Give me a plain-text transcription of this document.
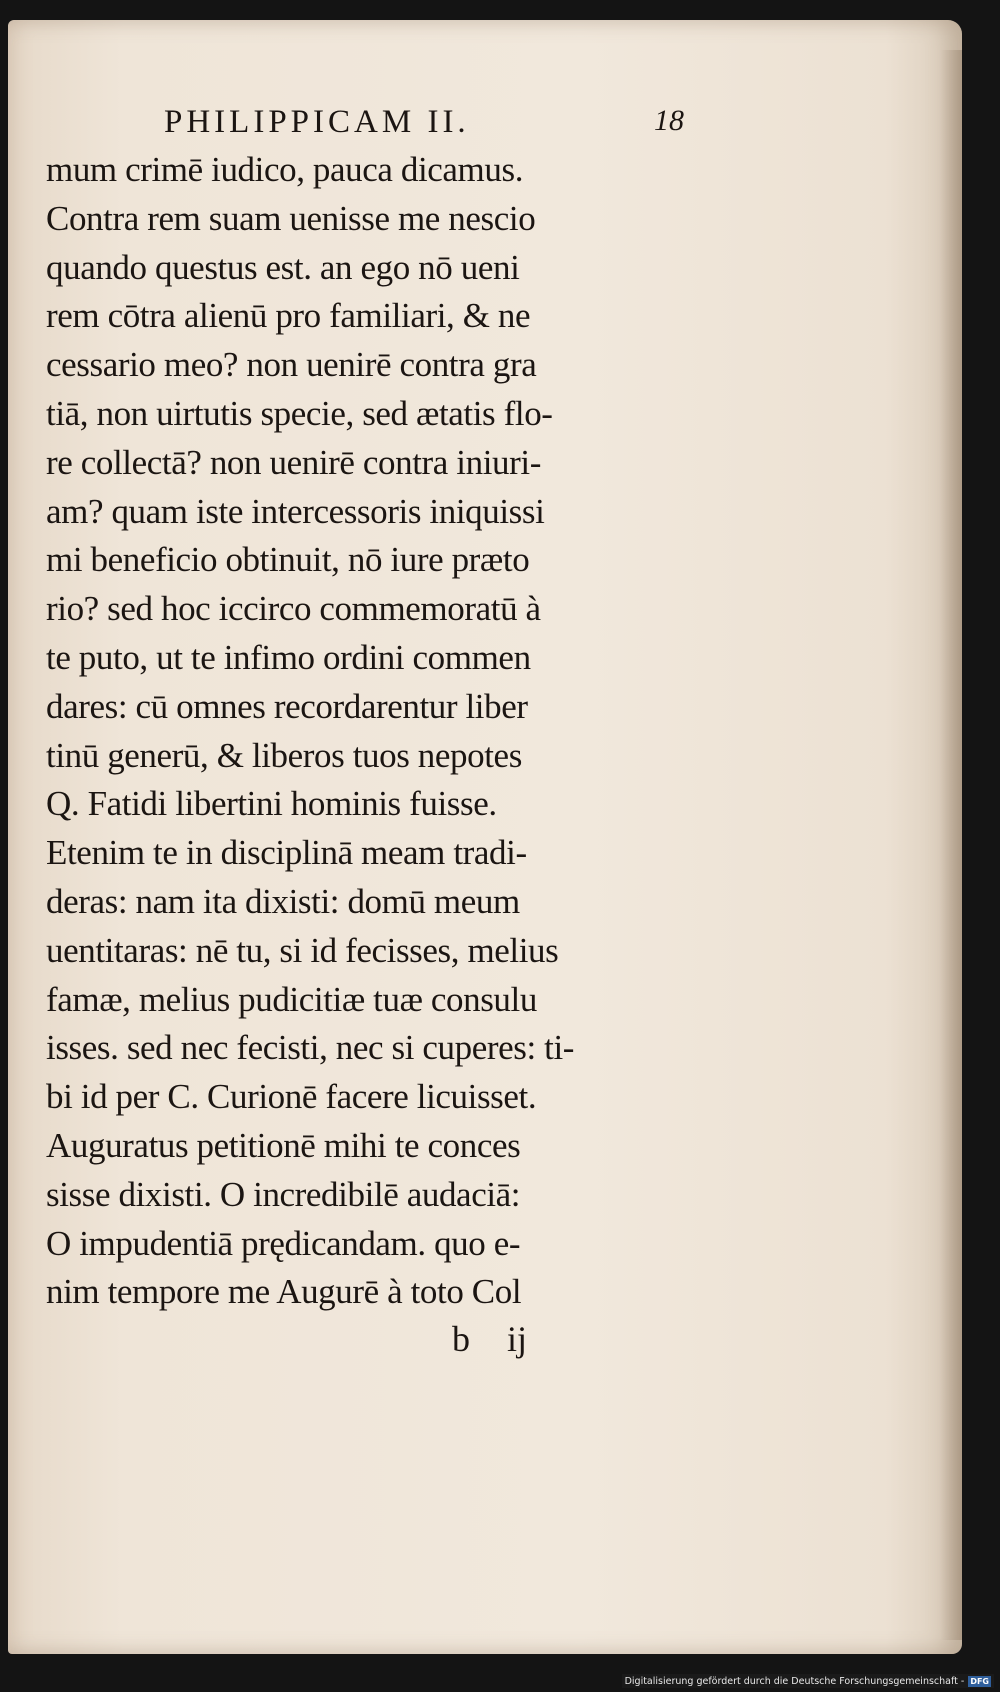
PHILIPPICAM II.	18
mum crimē iudico, pauca dicamus.
Contra rem suam uenisse me nescio
quando questus est. an ego nō ueni
rem cōtra alienū pro familiari, & ne
cessario meo? non uenirē contra gra
tiā, non uirtutis specie, sed ætatis flo-
re collectā? non uenirē contra iniuri-
am? quam iste intercessoris iniquissi
mi beneficio obtinuit, nō iure præto
rio? sed hoc iccirco commemoratū à
te puto, ut te infimo ordini commen
dares: cū omnes recordarentur liber
tinū generū, & liberos tuos nepotes
Q. Fatidi libertini hominis fuisse.
Etenim te in disciplinā meam tradi-
deras: nam ita dixisti: domū meum
uentitaras: nē tu, si id fecisses, melius
famæ, melius pudicitiæ tuæ consulu
isses. sed nec fecisti, nec si cuperes: ti-
bi id per C. Curionē facere licuisset.
Auguratus petitionē mihi te conces
sisse dixisti. O incredibilē audaciā:
O impudentiā prędicandam. quo e-
nim tempore me Augurē à toto Col
b ij
Digitalisierung gefördert durch die Deutsche Forschungsgemeinschaft - DFG
